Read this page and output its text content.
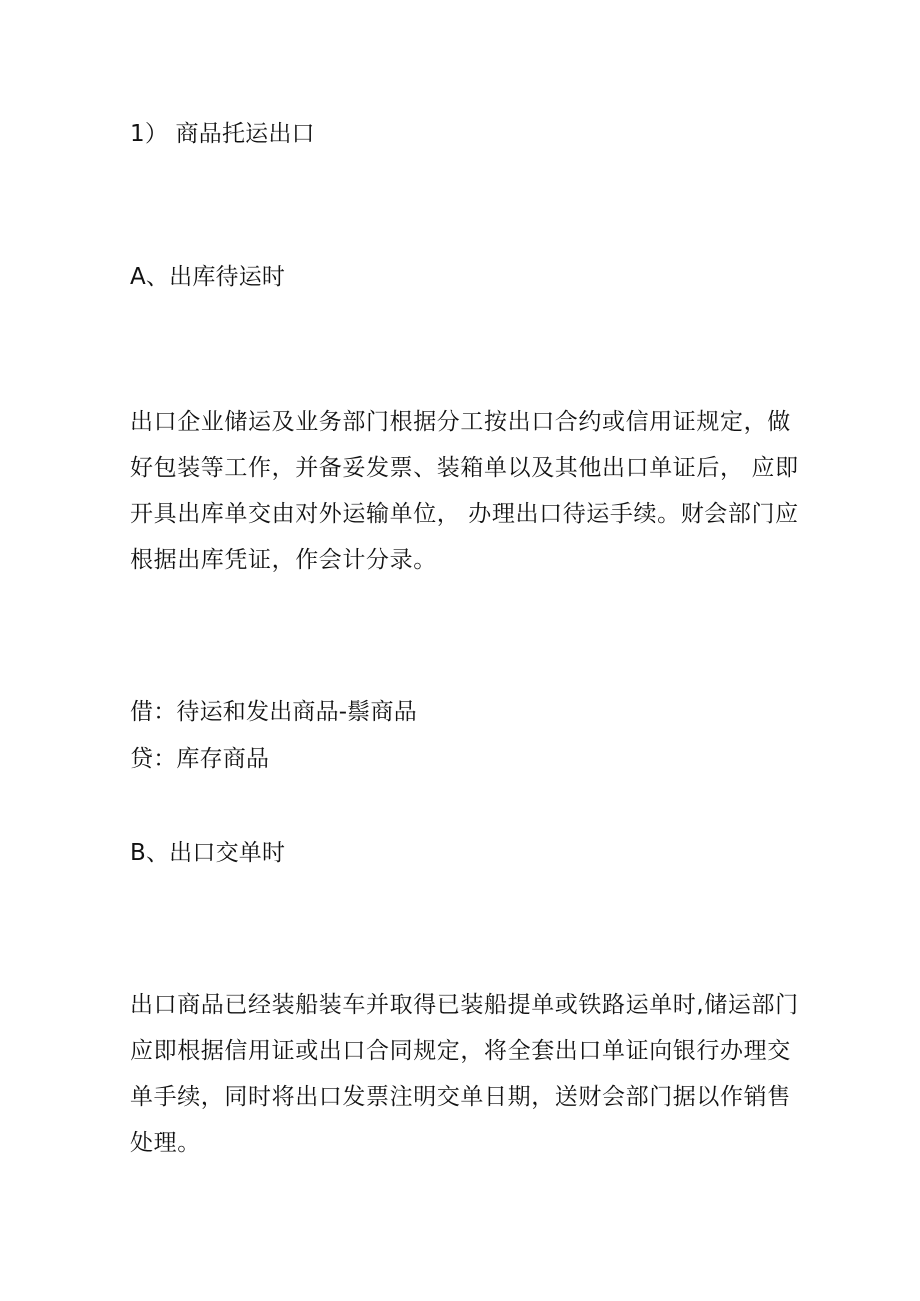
1） 商品托运出口
A、出库待运时
出口企业储运及业务部门根据分工按出口合约或信用证规定，做
好包装等工作，并备妥发票、装箱单以及其他出口单证后， 应即
开具出库单交由对外运输单位， 办理出口待运手续。财会部门应
根据出库凭证，作会计分录。
借：待运和发出商品-鬃商品
贷：库存商品
B、出口交单时
出口商品已经装船装车并取得已装船提单或铁路运单时,储运部门
应即根据信用证或出口合同规定，将全套出口单证向银行办理交
单手续，同时将出口发票注明交单日期，送财会部门据以作销售
处理。
